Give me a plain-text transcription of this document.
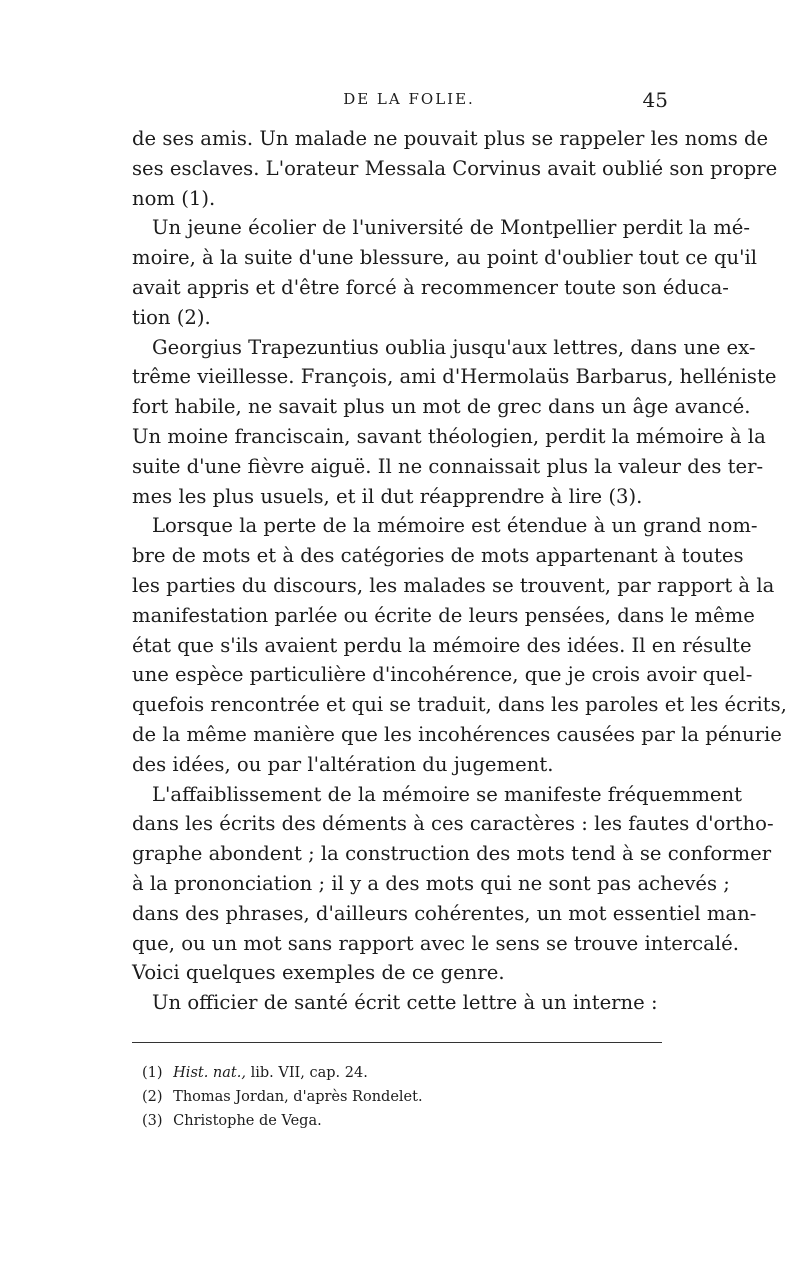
DE LA FOLIE.	45

de ses amis. Un malade ne pouvait plus se rappeler les noms de
ses esclaves. L'orateur Messala Corvinus avait oublié son propre
nom (1).

Un jeune écolier de l'université de Montpellier perdit la mé-
moire, à la suite d'une blessure, au point d'oublier tout ce qu'il
avait appris et d'être forcé à recommencer toute son éduca-
tion (2).

Georgius Trapezuntius oublia jusqu'aux lettres, dans une ex-
trême vieillesse. François, ami d'Hermolaüs Barbarus, helléniste
fort habile, ne savait plus un mot de grec dans un âge avancé.
Un moine franciscain, savant théologien, perdit la mémoire à la
suite d'une fièvre aiguë. Il ne connaissait plus la valeur des ter-
mes les plus usuels, et il dut réapprendre à lire (3).

Lorsque la perte de la mémoire est étendue à un grand nom-
bre de mots et à des catégories de mots appartenant à toutes
les parties du discours, les malades se trouvent, par rapport à la
manifestation parlée ou écrite de leurs pensées, dans le même
état que s'ils avaient perdu la mémoire des idées. Il en résulte
une espèce particulière d'incohérence, que je crois avoir quel-
quefois rencontrée et qui se traduit, dans les paroles et les écrits,
de la même manière que les incohérences causées par la pénurie
des idées, ou par l'altération du jugement.

L'affaiblissement de la mémoire se manifeste fréquemment
dans les écrits des déments à ces caractères : les fautes d'ortho-
graphe abondent ; la construction des mots tend à se conformer
à la prononciation ; il y a des mots qui ne sont pas achevés ;
dans des phrases, d'ailleurs cohérentes, un mot essentiel man-
que, ou un mot sans rapport avec le sens se trouve intercalé.
Voici quelques exemples de ce genre.

Un officier de santé écrit cette lettre à un interne :

(1) Hist. nat., lib. VII, cap. 24.
(2) Thomas Jordan, d'après Rondelet.
(3) Christophe de Vega.
